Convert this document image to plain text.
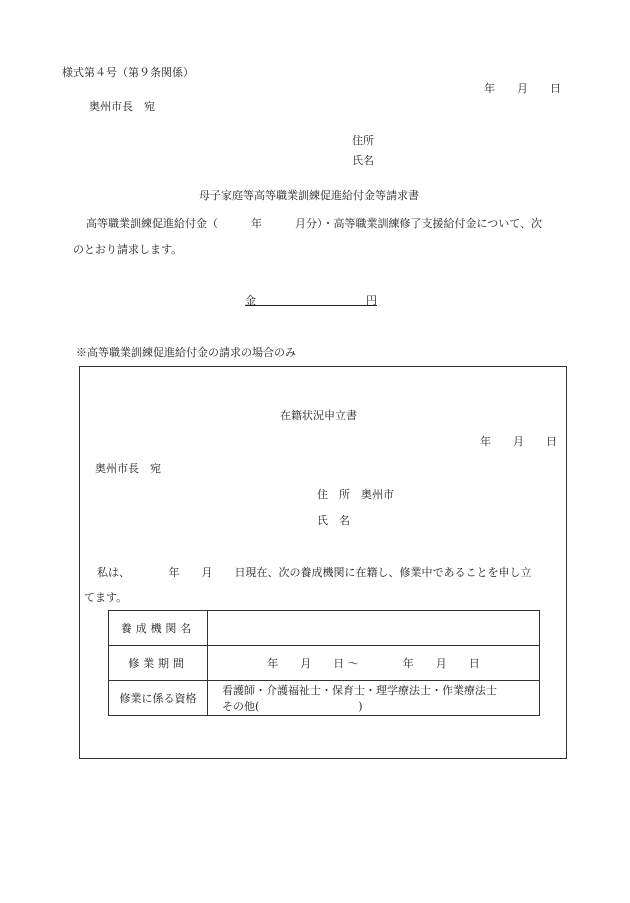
様式第４号（第９条関係）
年　　月　　日
奥州市長　宛
住所
氏名
母子家庭等高等職業訓練促進給付金等請求書
高等職業訓練促進給付金（　　　年　　　月分）・高等職業訓練修了支援給付金について、次
のとおり請求します。
金　　　　　　　　　　	円
※高等職業訓練促進給付金の請求の場合のみ
在籍状況申立書
年　　月　　日
奥州市長　宛
住　所　 奥州市
氏　名
私は、　　　　年　　月　　日現在、次の養成機関に在籍し、修業中であることを申し立
てます。
養成機関名	
修業期間	年　　月　　日 〜　　　　年　　月　　日
修業に係る資格	看護師・介護福祉士・保育士・理学療法士・作業療法士
その他(　　　　　　　　　)
